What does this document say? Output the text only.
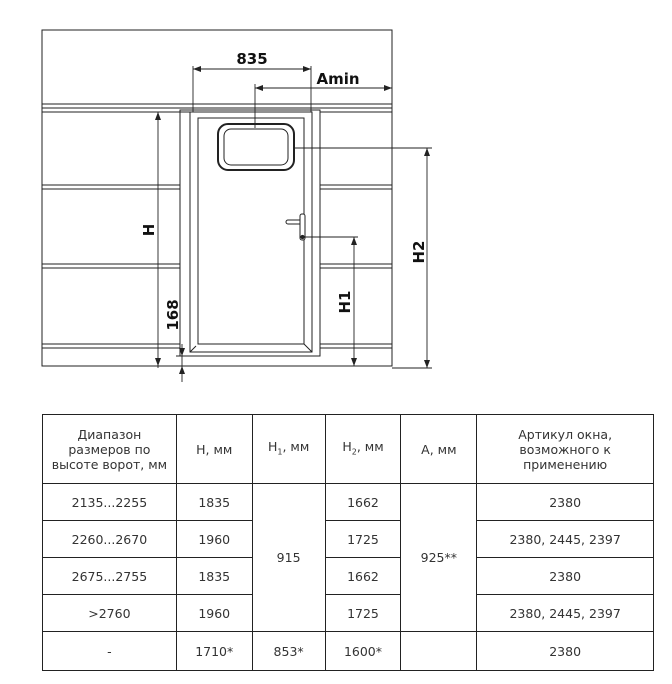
835
Amin
H
H2
H1
168
Диапазон размеров по высоте ворот, мм	H, мм	$H_1$, мм	$H_2$, мм	A, мм	Артикул окна, возможного к применению
2135...2255	1835	915	1662	925**	2380
2260...2670	1960		1725		2380, 2445, 2397
2675...2755	1835		1662		2380
>2760	1960		1725		2380, 2445, 2397
-	1710*	853*	1600*		2380
